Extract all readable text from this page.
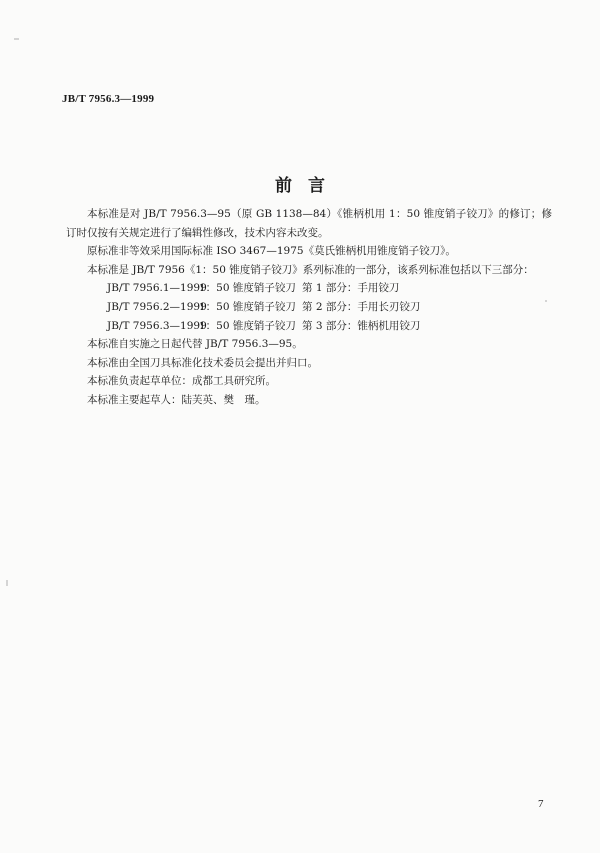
JB/T 7956.3—1999
前言

本标准是对 JB/T 7956.3—95（原 GB 1138—84）《锥柄机用 1：50 锥度销子铰刀》的修订；修订时仅按有关规定进行了编辑性修改，技术内容未改变。

原标准非等效采用国际标准 ISO 3467—1975《莫氏锥柄机用锥度销子铰刀》。

本标准是 JB/T 7956《1：50 锥度销子铰刀》系列标准的一部分，该系列标准包括以下三部分：

JB/T 7956.1—19991：50 锥度销子铰刀 第 1 部分：手用铰刀
JB/T 7956.2—19991：50 锥度销子铰刀 第 2 部分：手用长刃铰刀
JB/T 7956.3—19991：50 锥度销子铰刀 第 3 部分：锥柄机用铰刀

本标准自实施之日起代替 JB/T 7956.3—95。

本标准由全国刀具标准化技术委员会提出并归口。

本标准负责起草单位：成都工具研究所。

本标准主要起草人：陆芙英、樊　瑾。

7
